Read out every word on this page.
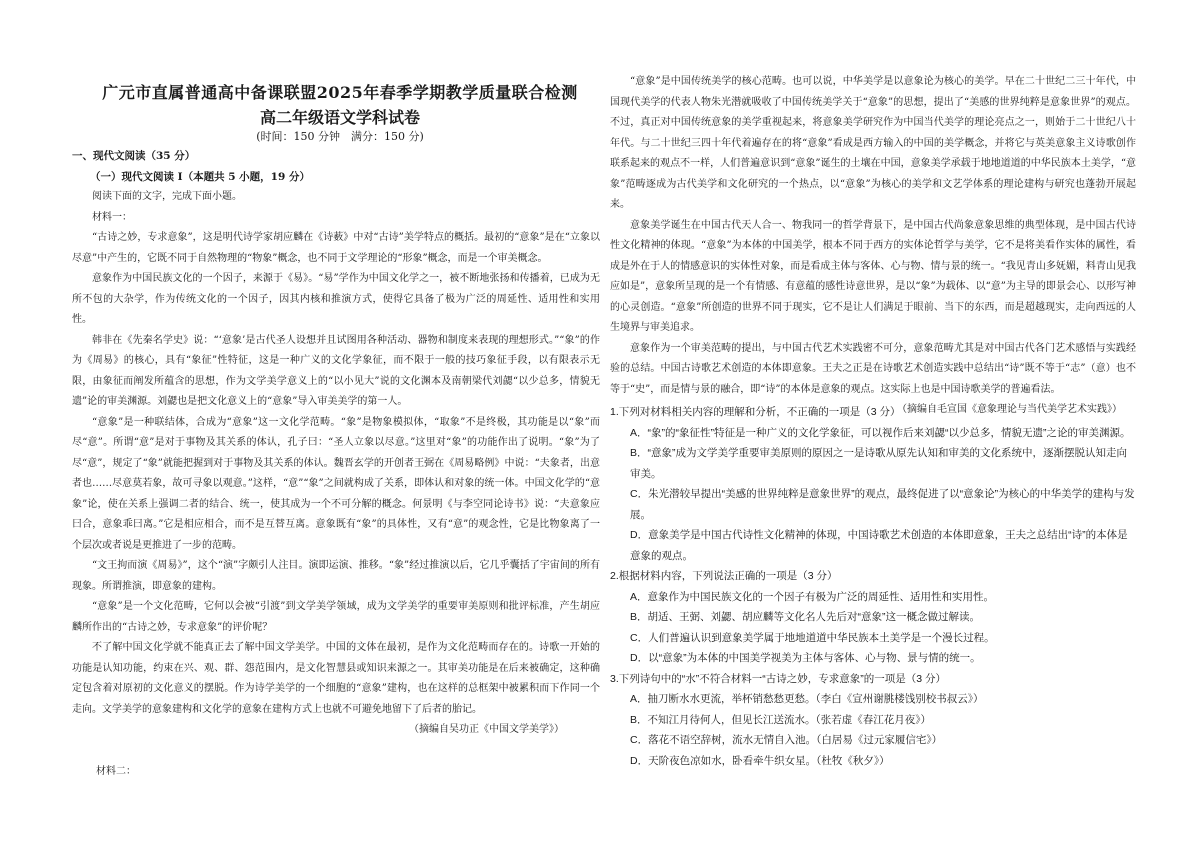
广元市直属普通高中备课联盟2025年春季学期教学质量联合检测
高二年级语文学科试卷
(时间：150 分钟　满分：150 分)

一、现代文阅读（35 分）

（一）现代文阅读 I（本题共 5 小题，19 分）

阅读下面的文字，完成下面小题。

材料一：

“古诗之妙，专求意象”，这是明代诗学家胡应麟在《诗薮》中对“古诗”美学特点的概括。最初的“意象”是在“立象以尽意”中产生的，它既不同于自然物理的“物象”概念，也不同于文学理论的“形象”概念，而是一个审美概念。

意象作为中国民族文化的一个因子，来源于《易》。“易”学作为中国文化学之一，被不断地张扬和传播着，已成为无所不包的大杂学，作为传统文化的一个因子，因其内核和推演方式，使得它具备了极为广泛的周延性、适用性和实用性。

韩非在《先秦名学史》说：“‘意象’是古代圣人设想并且试图用各种活动、器物和制度来表现的理想形式。”“象”的作为《周易》的核心，具有“象征”性特征，这是一种广义的文化学象征，而不限于一般的技巧象征手段，以有限表示无限，由象征而阐发所蕴含的思想，作为文学美学意义上的“以小见大”说的文化渊本及南朝梁代刘勰“以少总多，情貌无遗”论的审美渊源。刘勰也是把文化意义上的“意象”导入审美美学的第一人。

“意象”是一种联结体，合成为“意象”这一文化学范畴。“象”是物象模拟体，“取象”不是终极，其功能是以“象”而尽“意”。所谓“意”是对于事物及其关系的体认，孔子曰：“圣人立象以尽意。”这里对“象”的功能作出了说明。“象”为了尽“意”，规定了“象”就能把握到对于事物及其关系的体认。魏晋玄学的开创者王弼在《周易略例》中说：“夫象者，出意者也……尽意莫若象，故可寻象以观意。”这样，“意”“象”之间就构成了关系，即体认和对象的统一体。中国文化学的“意象”论，使在关系上强调二者的结合、统一，使其成为一个不可分解的概念。何景明《与李空同论诗书》说：“夫意象应曰合，意象乖曰离。”它是相应相合，而不是互替互离。意象既有“象”的具体性，又有“意”的观念性，它是比物象离了一个层次或者说是更推进了一步的范畴。

“文王拘而演《周易》”，这个“演”字颇引人注目。演即运演、推移。“象”经过推演以后，它几乎囊括了宇宙间的所有现象。所谓推演，即意象的建构。

“意象”是一个文化范畴，它何以会被“引渡”到文学美学领域，成为文学美学的重要审美原则和批评标准，产生胡应麟所作出的“古诗之妙，专求意象”的评价呢？

不了解中国文化学就不能真正去了解中国文学美学。中国的文体在最初，是作为文化范畴而存在的。诗歌一开始的功能是认知功能，约束在兴、观、群、怨范围内，是文化智慧县或知识来源之一。其审美功能是在后来被确定，这种确定包含着对原初的文化意义的摆脱。作为诗学美学的一个细胞的“意象”建构，也在这样的总框架中被累积而下作同一个走向。文学美学的意象建构和文化学的意象在建构方式上也就不可避免地留下了后者的胎记。

（摘编自吴功正《中国文学美学》）

材料二：

“意象”是中国传统美学的核心范畴。也可以说，中华美学是以意象论为核心的美学。早在二十世纪二三十年代，中国现代美学的代表人物朱光潜就吸收了中国传统美学关于“意象”的思想，提出了“美感的世界纯粹是意象世界”的观点。不过，真正对中国传统意象的美学重视起来，将意象美学研究作为中国当代美学的理论亮点之一，则始于二十世纪八十年代。与二十世纪三四十年代着遍存在的将“意象”看成是西方输入的中国的美学概念，并将它与英美意象主义诗歌创作联系起来的观点不一样，人们普遍意识到“意象”诞生的土壤在中国，意象美学承载于地地道道的中华民族本土美学，“意象”范畴逐成为古代美学和文化研究的一个热点，以“意象”为核心的美学和文艺学体系的理论建构与研究也蓬勃开展起来。

意象美学诞生在中国古代天人合一、物我同一的哲学背景下，是中国古代尚象意象思维的典型体现，是中国古代诗性文化精神的体现。“意象”为本体的中国美学，根本不同于西方的实体论哲学与美学，它不是将美看作实体的属性，看成是外在于人的情感意识的实体性对象，而是看成主体与客体、心与物、情与景的统一。“我见青山多妩媚，料青山见我应如是”，意象所呈现的是一个有情感、有意蕴的感性诗意世界，是以“象”为载体、以“意”为主导的即景会心、以形写神的心灵创造。“意象”所创造的世界不同于现实，它不是让人们满足于眼前、当下的东西，而是超越现实，走向西远的人生境界与审美追求。

意象作为一个审美范畴的提出，与中国古代艺术实践密不可分，意象范畴尤其是对中国古代各门艺术感悟与实践经验的总结。中国古诗歌艺术创造的本体即意象。王夫之正是在诗歌艺术创造实践中总结出“诗”既不等于“志”（意）也不等于“史”，而是情与景的融合，即“诗”的本体是意象的观点。这实际上也是中国诗歌美学的普遍看法。

（摘编自毛宣国《意象理论与当代美学艺术实践》）

1.下列对材料相关内容的理解和分析，不正确的一项是（3 分）

A．“象”的“象征性”特征是一种广义的文化学象征，可以视作后来刘勰“以少总多，情貌无遗”之论的审美渊源。

B．“意象”成为文学美学重要审美原则的原因之一是诗歌从原先认知和审美的文化系统中，逐渐摆脱认知走向审美。

C．朱光潜较早提出“美感的世界纯粹是意象世界”的观点，最终促进了以“意象论”为核心的中华美学的建构与发展。

D．意象美学是中国古代诗性文化精神的体现，中国诗歌艺术创造的本体即意象，王夫之总结出“诗”的本体是意象的观点。

2.根据材料内容，下列说法正确的一项是（3 分）

A．意象作为中国民族文化的一个因子有极为广泛的周延性、适用性和实用性。

B．胡适、王弼、刘勰、胡应麟等文化名人先后对“意象”这一概念做过解读。

C．人们普遍认识到意象美学属于地地道道中华民族本土美学是一个漫长过程。

D．以“意象”为本体的中国美学视美为主体与客体、心与物、景与情的统一。

3.下列诗句中的“水”不符合材料一“古诗之妙，专求意象”的一项是（3 分）

A．抽刀断水水更流，举杯销愁愁更愁。（李白《宣州谢朓楼饯别校书叔云》）

B．不知江月待何人，但见长江送流水。（张若虚《春江花月夜》）

C．落花不语空辞树，流水无情自入池。（白居易《过元家履信宅》）

D．天阶夜色凉如水，卧看牵牛织女星。（杜牧《秋夕》）
